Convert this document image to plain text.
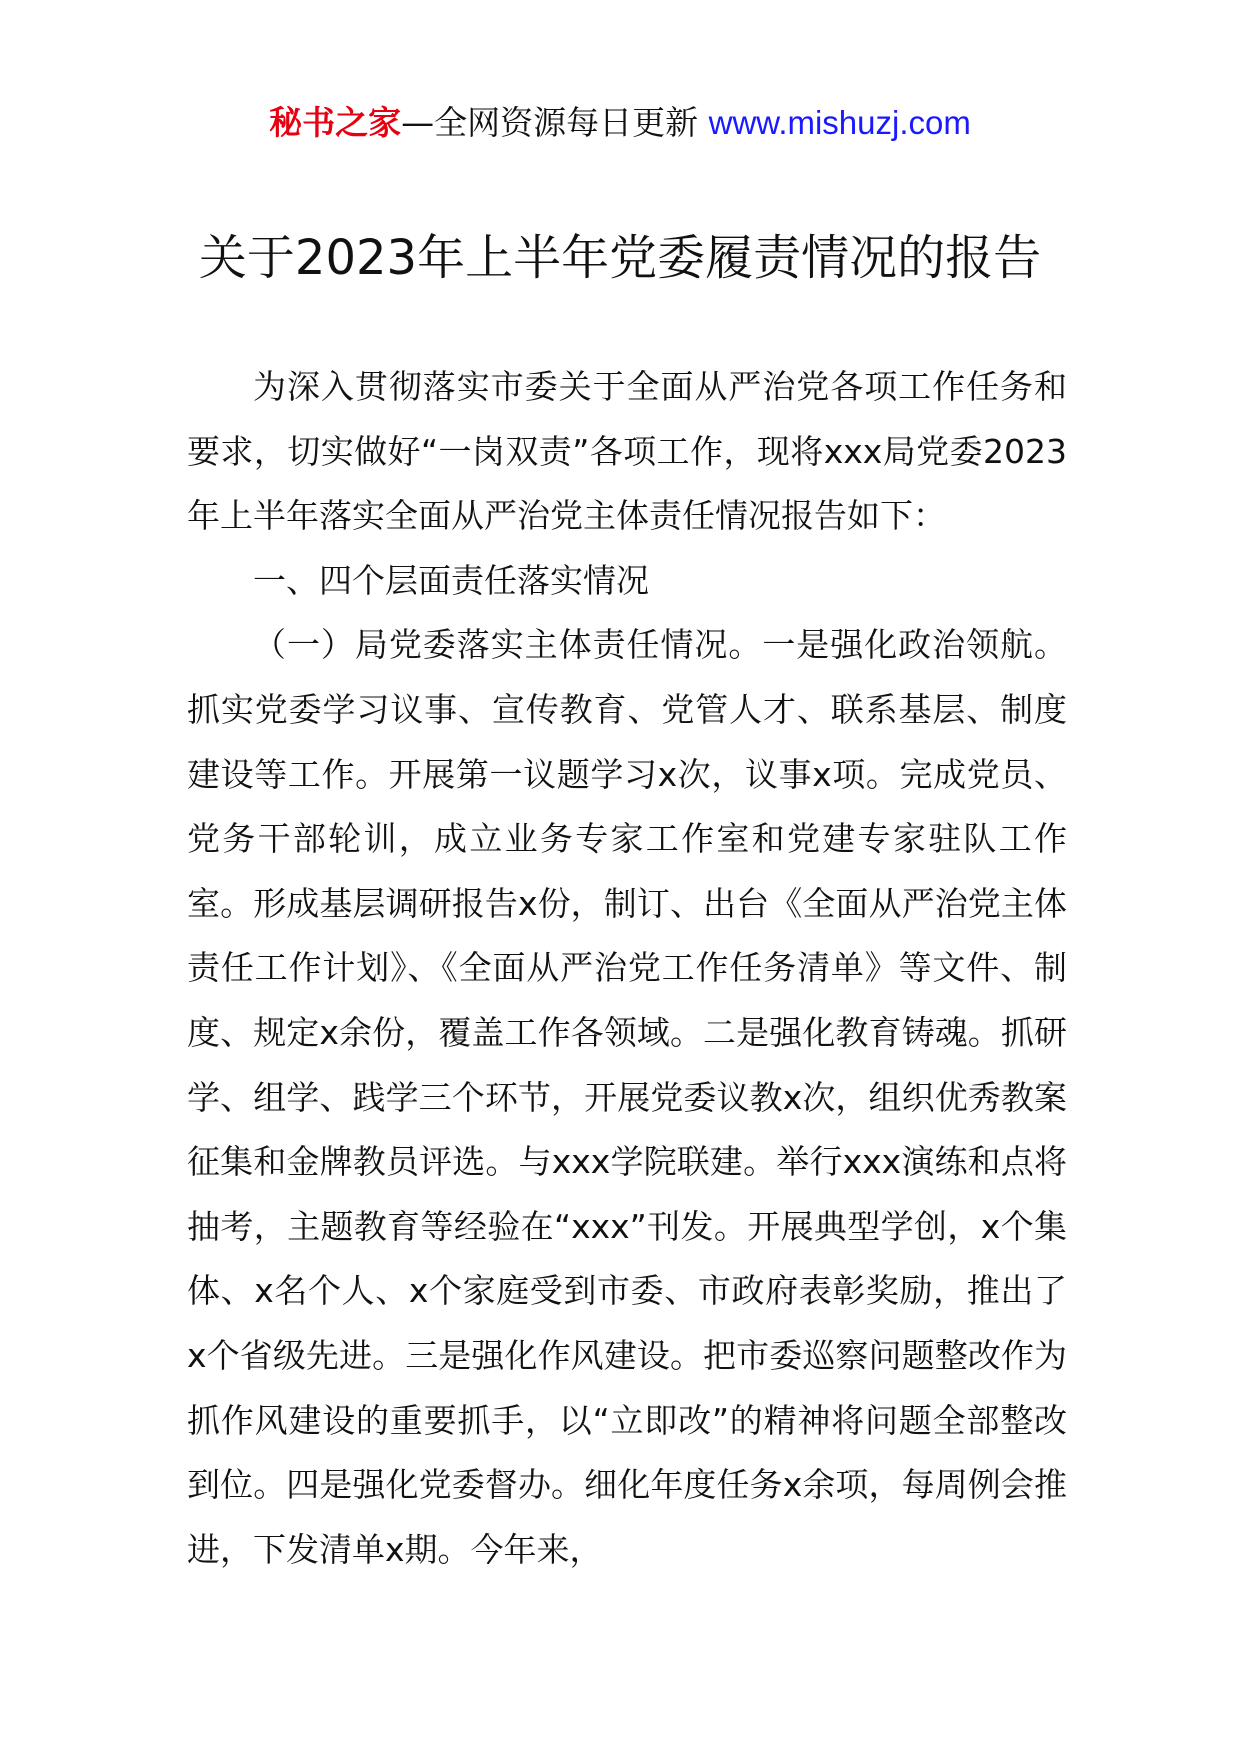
秘书之家—全网资源每日更新 www.mishuzj.com
关于2023年上半年党委履责情况的报告

为深入贯彻落实市委关于全面从严治党各项工作任务和要求，切实做好“一岗双责”各项工作，现将xxx局党委2023年上半年落实全面从严治党主体责任情况报告如下：

一、四个层面责任落实情况

（一）局党委落实主体责任情况。一是强化政治领航。抓实党委学习议事、宣传教育、党管人才、联系基层、制度建设等工作。开展第一议题学习x次，议事x项。完成党员、党务干部轮训，成立业务专家工作室和党建专家驻队工作室。形成基层调研报告x份，制订、出台《全面从严治党主体责任工作计划》、《全面从严治党工作任务清单》等文件、制度、规定x余份，覆盖工作各领域。二是强化教育铸魂。抓研学、组学、践学三个环节，开展党委议教x次，组织优秀教案征集和金牌教员评选。与xxx学院联建。举行xxx演练和点将抽考，主题教育等经验在“xxx”刊发。开展典型学创，x个集体、x名个人、x个家庭受到市委、市政府表彰奖励，推出了x个省级先进。三是强化作风建设。把市委巡察问题整改作为抓作风建设的重要抓手，以“立即改”的精神将问题全部整改到位。四是强化党委督办。细化年度任务x余项，每周例会推进，下发清单x期。今年来，
